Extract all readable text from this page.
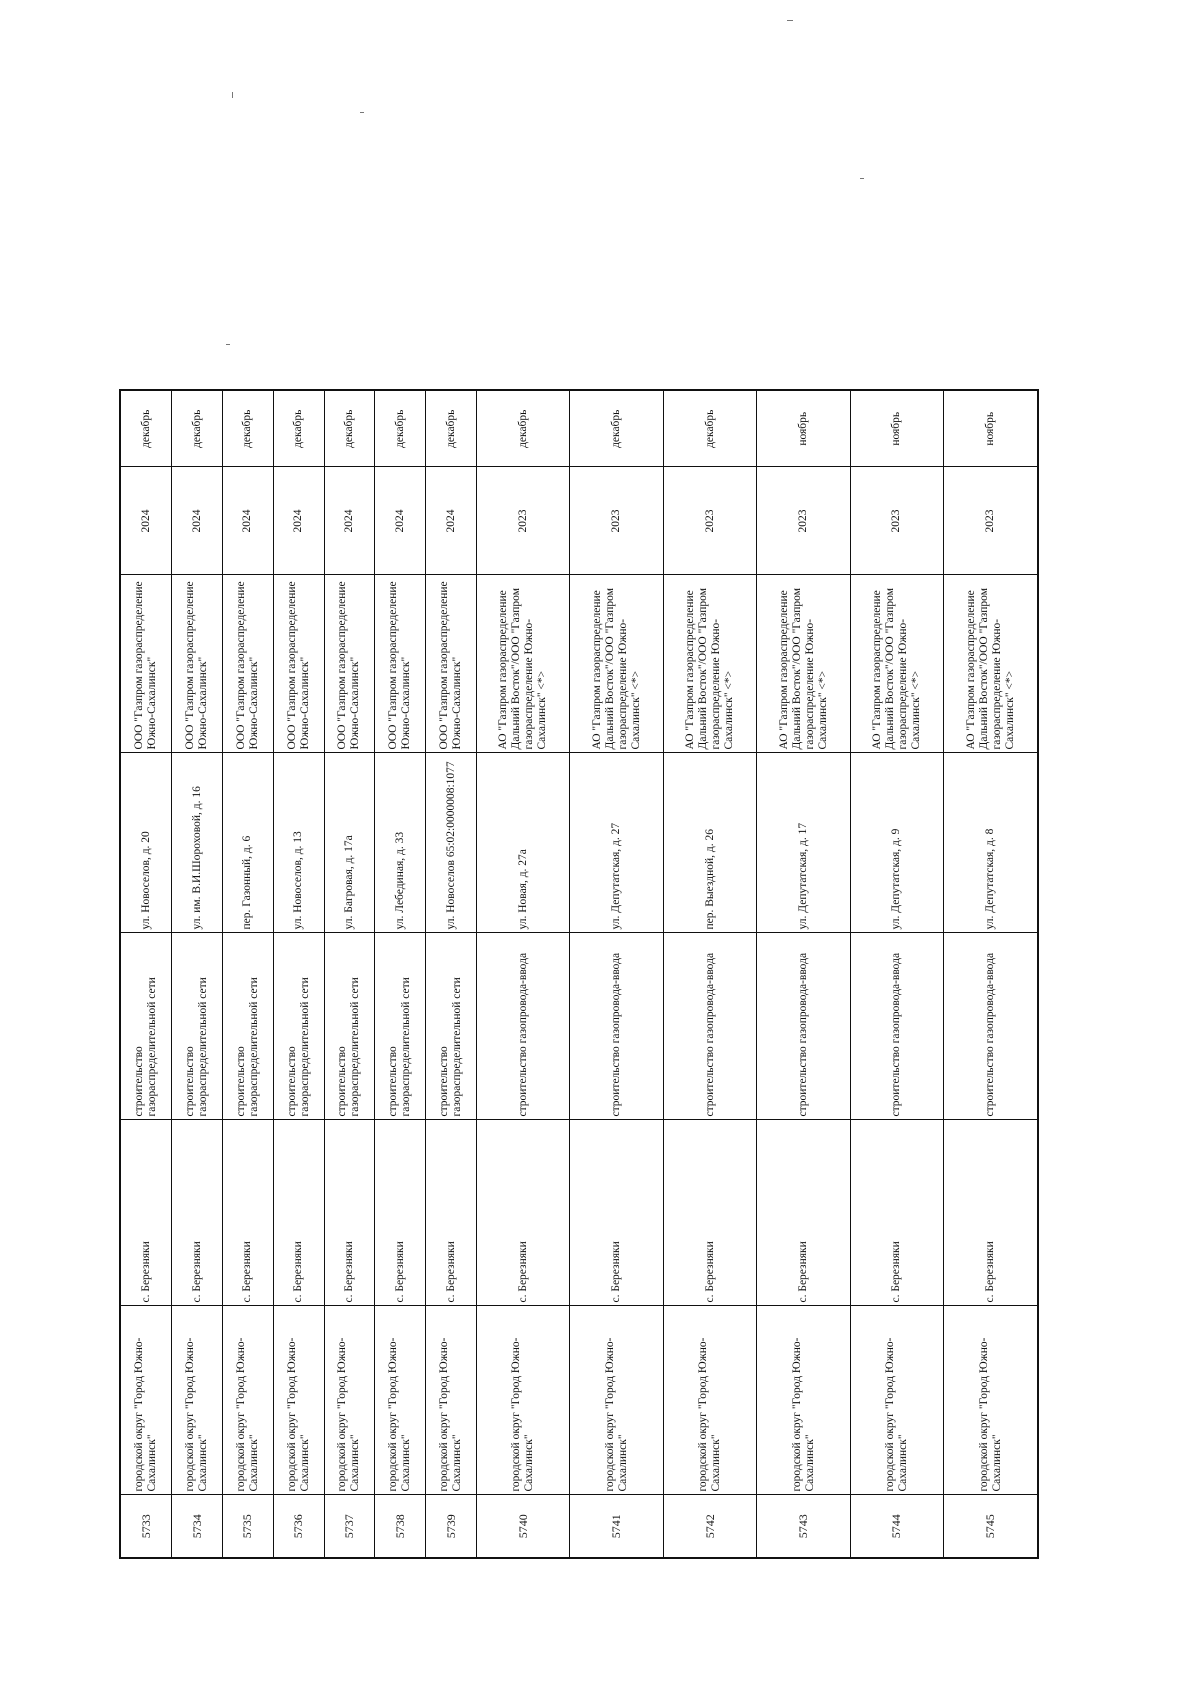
5733	городской округ "Город Южно-Сахалинск"	с. Березняки	строительство газораспределительной сети	ул. Новоселов, д. 20	ООО "Газпром газораспределение Южно-Сахалинск"	2024	декабрь
5734	городской округ "Город Южно-Сахалинск"	с. Березняки	строительство газораспределительной сети	ул. им. В.И.Шороховой, д. 16	ООО "Газпром газораспределение Южно-Сахалинск"	2024	декабрь
5735	городской округ "Город Южно-Сахалинск"	с. Березняки	строительство газораспределительной сети	пер. Газонный, д. 6	ООО "Газпром газораспределение Южно-Сахалинск"	2024	декабрь
5736	городской округ "Город Южно-Сахалинск"	с. Березняки	строительство газораспределительной сети	ул. Новоселов, д. 13	ООО "Газпром газораспределение Южно-Сахалинск"	2024	декабрь
5737	городской округ "Город Южно-Сахалинск"	с. Березняки	строительство газораспределительной сети	ул. Багровая, д. 17а	ООО "Газпром газораспределение Южно-Сахалинск"	2024	декабрь
5738	городской округ "Город Южно-Сахалинск"	с. Березняки	строительство газораспределительной сети	ул. Лебединая, д. 33	ООО "Газпром газораспределение Южно-Сахалинск"	2024	декабрь
5739	городской округ "Город Южно-Сахалинск"	с. Березняки	строительство газораспределительной сети	ул. Новоселов 65:02:0000008:1077	ООО "Газпром газораспределение Южно-Сахалинск"	2024	декабрь
5740	городской округ "Город Южно-Сахалинск"	с. Березняки	строительство газопровода-ввода	ул. Новая, д. 27а	АО "Газпром газораспределение Дальний Восток"/ООО "Газпром газораспределение Южно-Сахалинск" <*>	2023	декабрь
5741	городской округ "Город Южно-Сахалинск"	с. Березняки	строительство газопровода-ввода	ул. Депутатская, д. 27	АО "Газпром газораспределение Дальний Восток"/ООО "Газпром газораспределение Южно-Сахалинск" <*>	2023	декабрь
5742	городской округ "Город Южно-Сахалинск"	с. Березняки	строительство газопровода-ввода	пер. Выездной, д. 26	АО "Газпром газораспределение Дальний Восток"/ООО "Газпром газораспределение Южно-Сахалинск" <*>	2023	декабрь
5743	городской округ "Город Южно-Сахалинск"	с. Березняки	строительство газопровода-ввода	ул. Депутатская, д. 17	АО "Газпром газораспределение Дальний Восток"/ООО "Газпром газораспределение Южно-Сахалинск" <*>	2023	ноябрь
5744	городской округ "Город Южно-Сахалинск"	с. Березняки	строительство газопровода-ввода	ул. Депутатская, д. 9	АО "Газпром газораспределение Дальний Восток"/ООО "Газпром газораспределение Южно-Сахалинск" <*>	2023	ноябрь
5745	городской округ "Город Южно-Сахалинск"	с. Березняки	строительство газопровода-ввода	ул. Депутатская, д. 8	АО "Газпром газораспределение Дальний Восток"/ООО "Газпром газораспределение Южно-Сахалинск" <*>	2023	ноябрь
